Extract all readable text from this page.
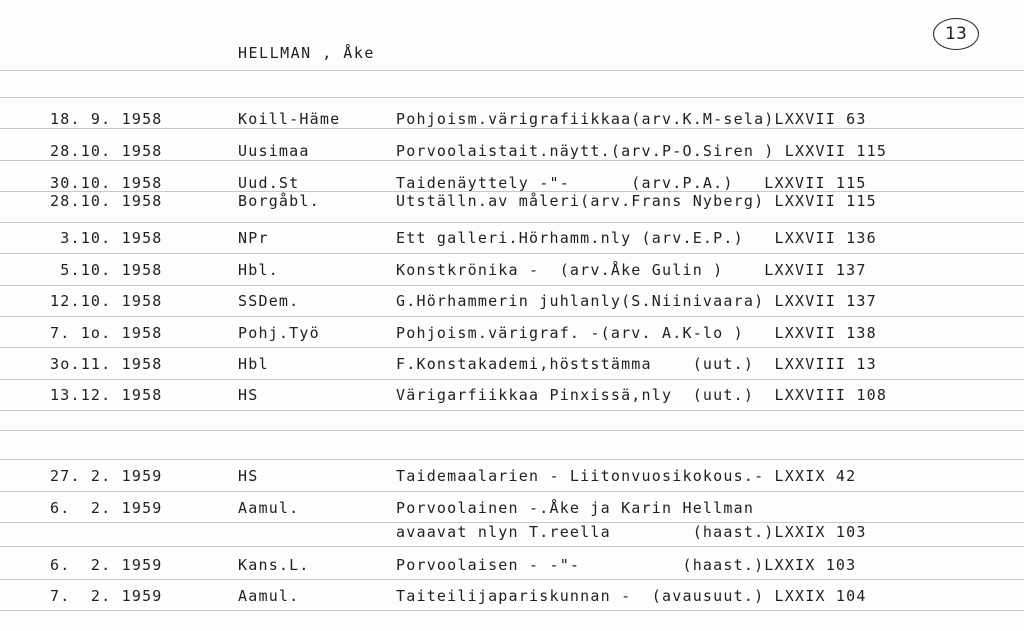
HELLMAN , Åke
13
18. 9. 1958	Koill-Häme	Pohjoism.värigrafiikkaa(arv.K.M-sela)LXXVII 63
28.10. 1958	Uusimaa	Porvoolaistait.näytt.(arv.P-O.Siren ) LXXVII 115
30.10. 1958	Uud.St	Taidenäyttely -"-      (arv.P.A.)   LXXVII 115
28.10. 1958	Borgåbl.	Utställn.av måleri(arv.Frans Nyberg) LXXVII 115
3.10. 1958	NPr	Ett galleri.Hörhamm.nly (arv.E.P.)   LXXVII 136
5.10. 1958	Hbl.	Konstkrönika -  (arv.Åke Gulin )    LXXVII 137
12.10. 1958	SSDem.	G.Hörhammerin juhlanly(S.Niinivaara) LXXVII 137
7. 1o. 1958	Pohj.Työ	Pohjoism.värigraf. -(arv. A.K-lo )   LXXVII 138
3o.11. 1958	Hbl	F.Konstakademi,höststämma    (uut.)  LXXVIII 13
13.12. 1958	HS	Värigarfiikkaa Pinxissä,nly  (uut.)  LXXVIII 108
27. 2. 1959	HS	Taidemaalarien - Liitonvuosikokous.- LXXIX 42
6.  2. 1959	Aamul.	Porvoolainen -.Åke ja Karin Hellman
avaavat nlyn T.reella        (haast.)LXXIX 103
6.  2. 1959	Kans.L.	Porvoolaisen - -"-          (haast.)LXXIX 103
7.  2. 1959	Aamul.	Taiteilijapariskunnan -  (avausuut.) LXXIX 104
